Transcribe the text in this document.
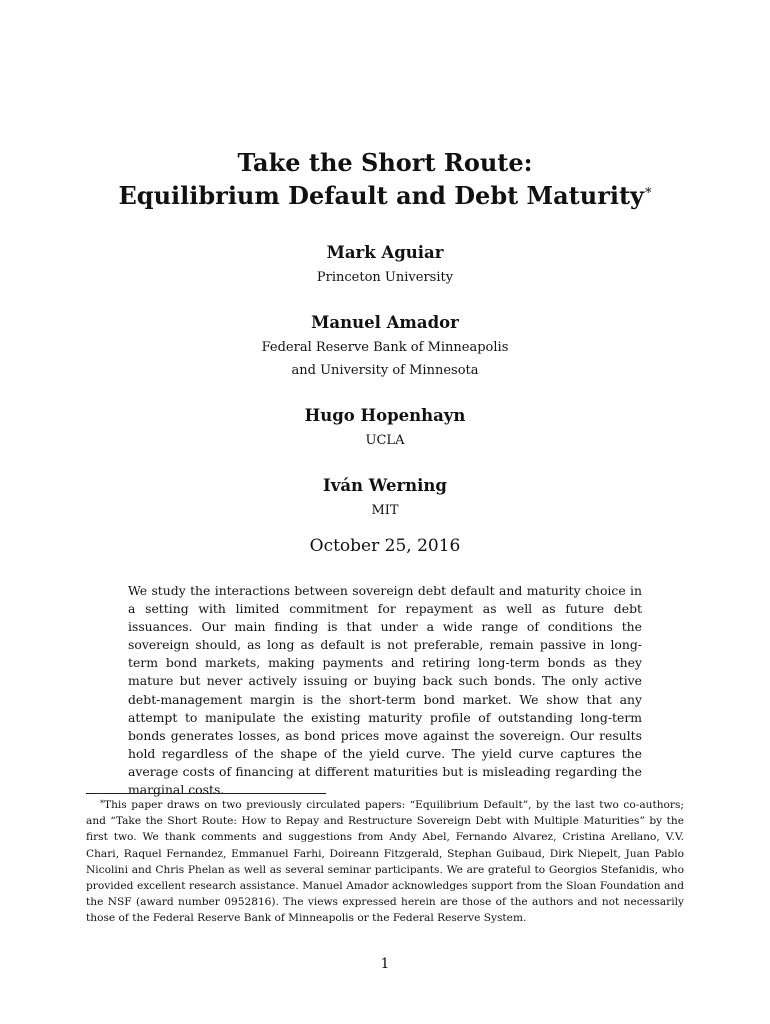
Take the Short Route:
Equilibrium Default and Debt Maturity*
Mark Aguiar
Princeton University
Manuel Amador
Federal Reserve Bank of Minneapolis
and University of Minnesota
Hugo Hopenhayn
UCLA
Iván Werning
MIT
October 25, 2016
We study the interactions between sovereign debt default and maturity choice in a setting with limited commitment for repayment as well as future debt issuances. Our main finding is that under a wide range of conditions the sovereign should, as long as default is not preferable, remain passive in long-term bond markets, making payments and retiring long-term bonds as they mature but never actively issuing or buying back such bonds. The only active debt-management margin is the short-term bond market. We show that any attempt to manipulate the existing maturity profile of outstanding long-term bonds generates losses, as bond prices move against the sovereign. Our results hold regardless of the shape of the yield curve. The yield curve captures the average costs of financing at different maturities but is misleading regarding the marginal costs.
*This paper draws on two previously circulated papers: “Equilibrium Default”, by the last two co-authors; and “Take the Short Route: How to Repay and Restructure Sovereign Debt with Multiple Maturities” by the first two. We thank comments and suggestions from Andy Abel, Fernando Alvarez, Cristina Arellano, V.V. Chari, Raquel Fernandez, Emmanuel Farhi, Doireann Fitzgerald, Stephan Guibaud, Dirk Niepelt, Juan Pablo Nicolini and Chris Phelan as well as several seminar participants. We are grateful to Georgios Stefanidis, who provided excellent research assistance. Manuel Amador acknowledges support from the Sloan Foundation and the NSF (award number 0952816). The views expressed herein are those of the authors and not necessarily those of the Federal Reserve Bank of Minneapolis or the Federal Reserve System.
1
